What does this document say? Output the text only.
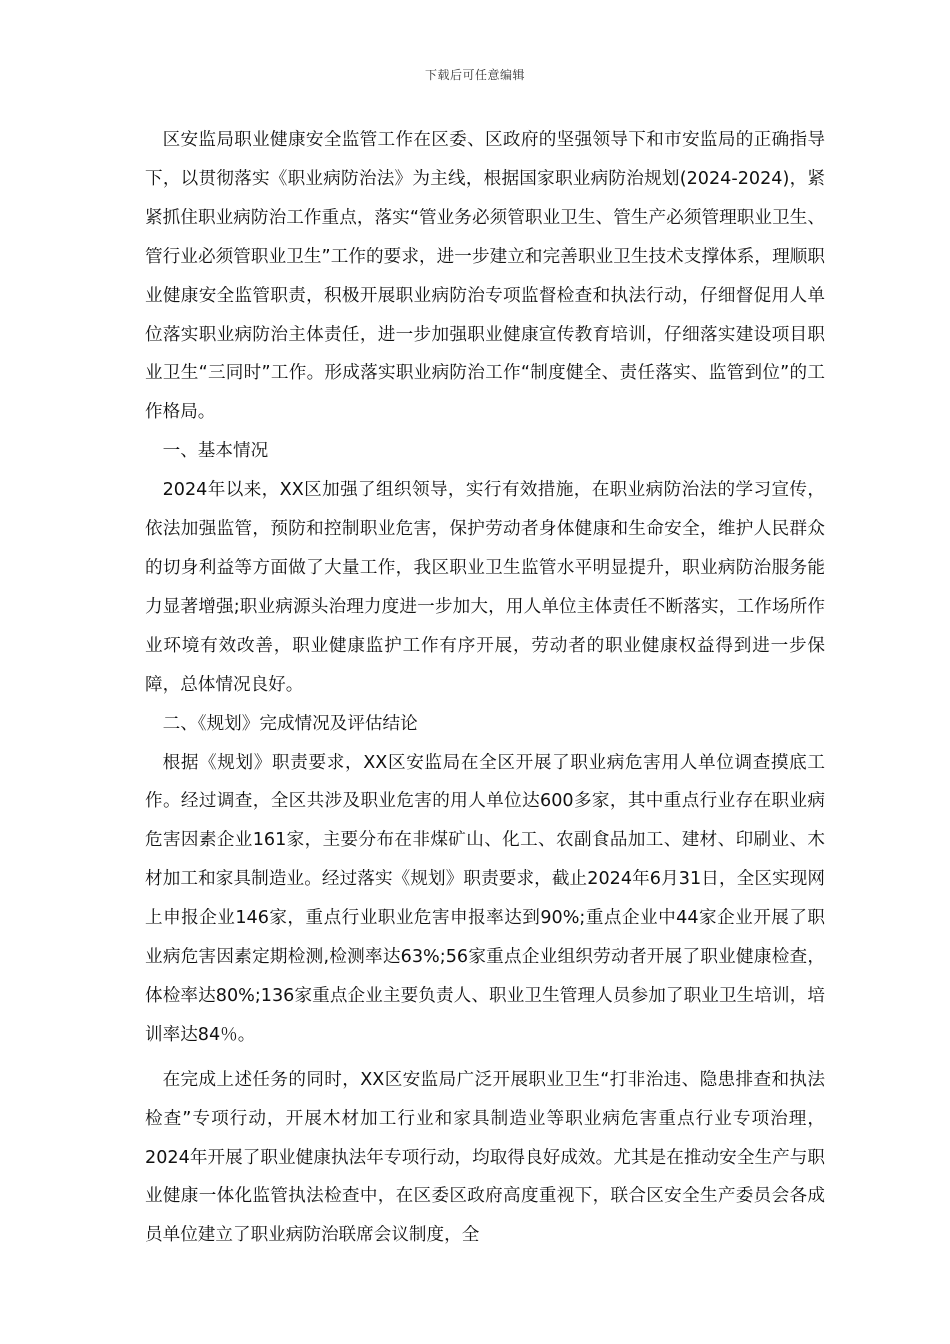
下载后可任意编辑

区安监局职业健康安全监管工作在区委、区政府的坚强领导下和市安监局的正确指导下，以贯彻落实《职业病防治法》为主线，根据国家职业病防治规划(2024-2024)，紧紧抓住职业病防治工作重点，落实“管业务必须管职业卫生、管生产必须管理职业卫生、管行业必须管职业卫生”工作的要求，进一步建立和完善职业卫生技术支撑体系，理顺职业健康安全监管职责，积极开展职业病防治专项监督检查和执法行动，仔细督促用人单位落实职业病防治主体责任，进一步加强职业健康宣传教育培训，仔细落实建设项目职业卫生“三同时”工作。形成落实职业病防治工作“制度健全、责任落实、监管到位”的工作格局。

一、基本情况

2024年以来，XX区加强了组织领导，实行有效措施，在职业病防治法的学习宣传，依法加强监管，预防和控制职业危害，保护劳动者身体健康和生命安全，维护人民群众的切身利益等方面做了大量工作，我区职业卫生监管水平明显提升，职业病防治服务能力显著增强;职业病源头治理力度进一步加大，用人单位主体责任不断落实，工作场所作业环境有效改善，职业健康监护工作有序开展，劳动者的职业健康权益得到进一步保障，总体情况良好。

二、《规划》完成情况及评估结论

根据《规划》职责要求，XX区安监局在全区开展了职业病危害用人单位调查摸底工作。经过调查，全区共涉及职业危害的用人单位达600多家，其中重点行业存在职业病危害因素企业161家，主要分布在非煤矿山、化工、农副食品加工、建材、印刷业、木材加工和家具制造业。经过落实《规划》职责要求，截止2024年6月31日，全区实现网上申报企业146家，重点行业职业危害申报率达到90%;重点企业中44家企业开展了职业病危害因素定期检测,检测率达63%;56家重点企业组织劳动者开展了职业健康检查，体检率达80%;136家重点企业主要负责人、职业卫生管理人员参加了职业卫生培训，培训率达84％。

在完成上述任务的同时，XX区安监局广泛开展职业卫生“打非治违、隐患排查和执法检查”专项行动，开展木材加工行业和家具制造业等职业病危害重点行业专项治理，2024年开展了职业健康执法年专项行动，均取得良好成效。尤其是在推动安全生产与职业健康一体化监管执法检查中，在区委区政府高度重视下，联合区安全生产委员会各成员单位建立了职业病防治联席会议制度，全
